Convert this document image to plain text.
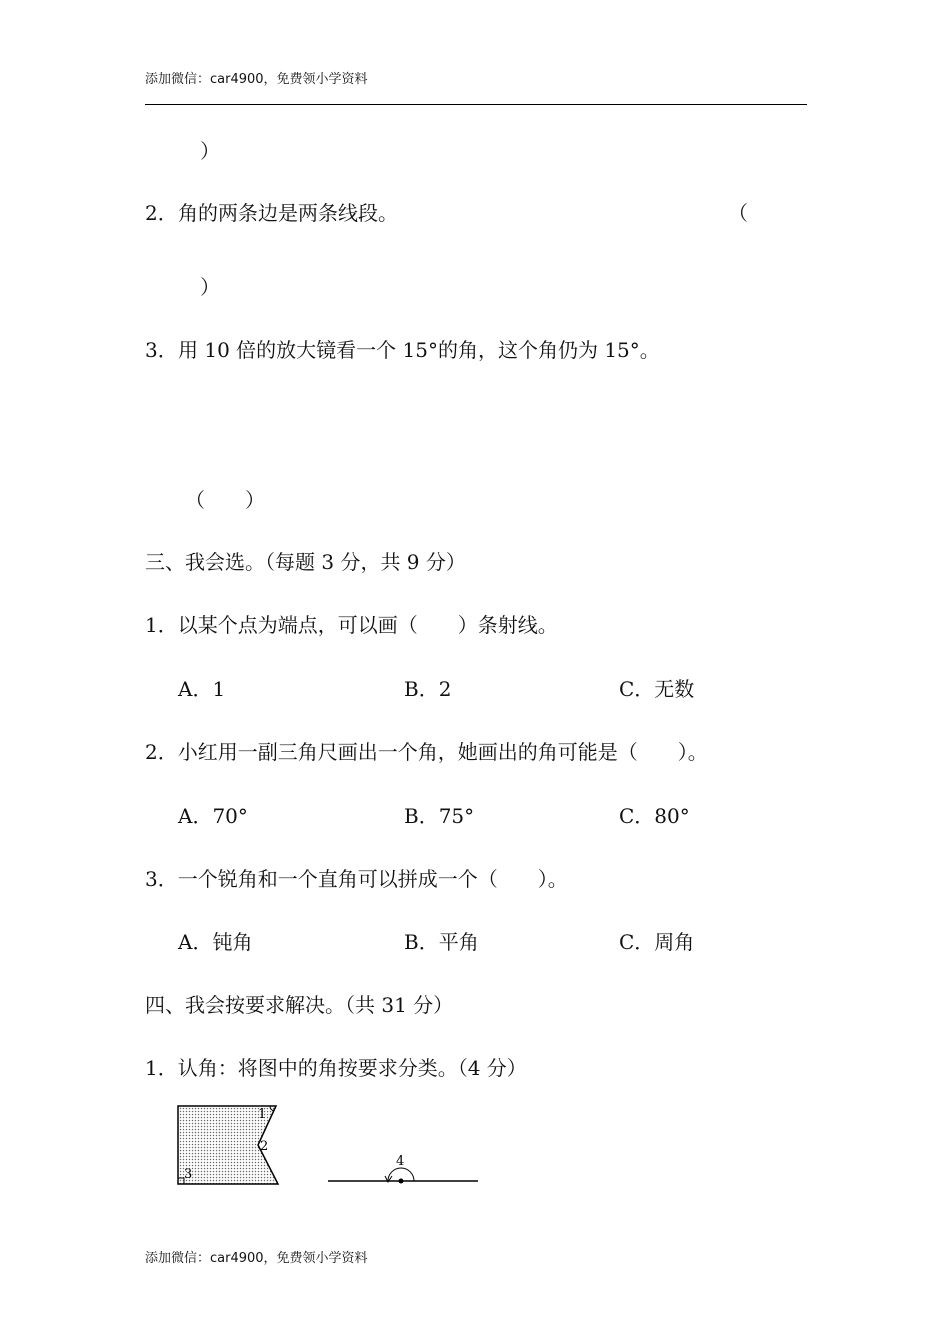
添加微信：car4900，免费领小学资料
）
2． 角的两条边是两条线段。	（
）
3． 用 10 倍的放大镜看一个 15°的角，这个角仍为 15°。
（　　）
三、我会选。（每题 3 分，共 9 分）
1．以某个点为端点，可以画（　　）条射线。
A．1	B．2	C．无数
2．小红用一副三角尺画出一个角，她画出的角可能是（　　）。
A．70°	B．75°	C．80°
3．一个锐角和一个直角可以拼成一个（　　）。
A．钝角	B．平角	C．周角
四、我会按要求解决。（共 31 分）
1．认角：将图中的角按要求分类。（4 分）
1
2
3
4
添加微信：car4900，免费领小学资料
